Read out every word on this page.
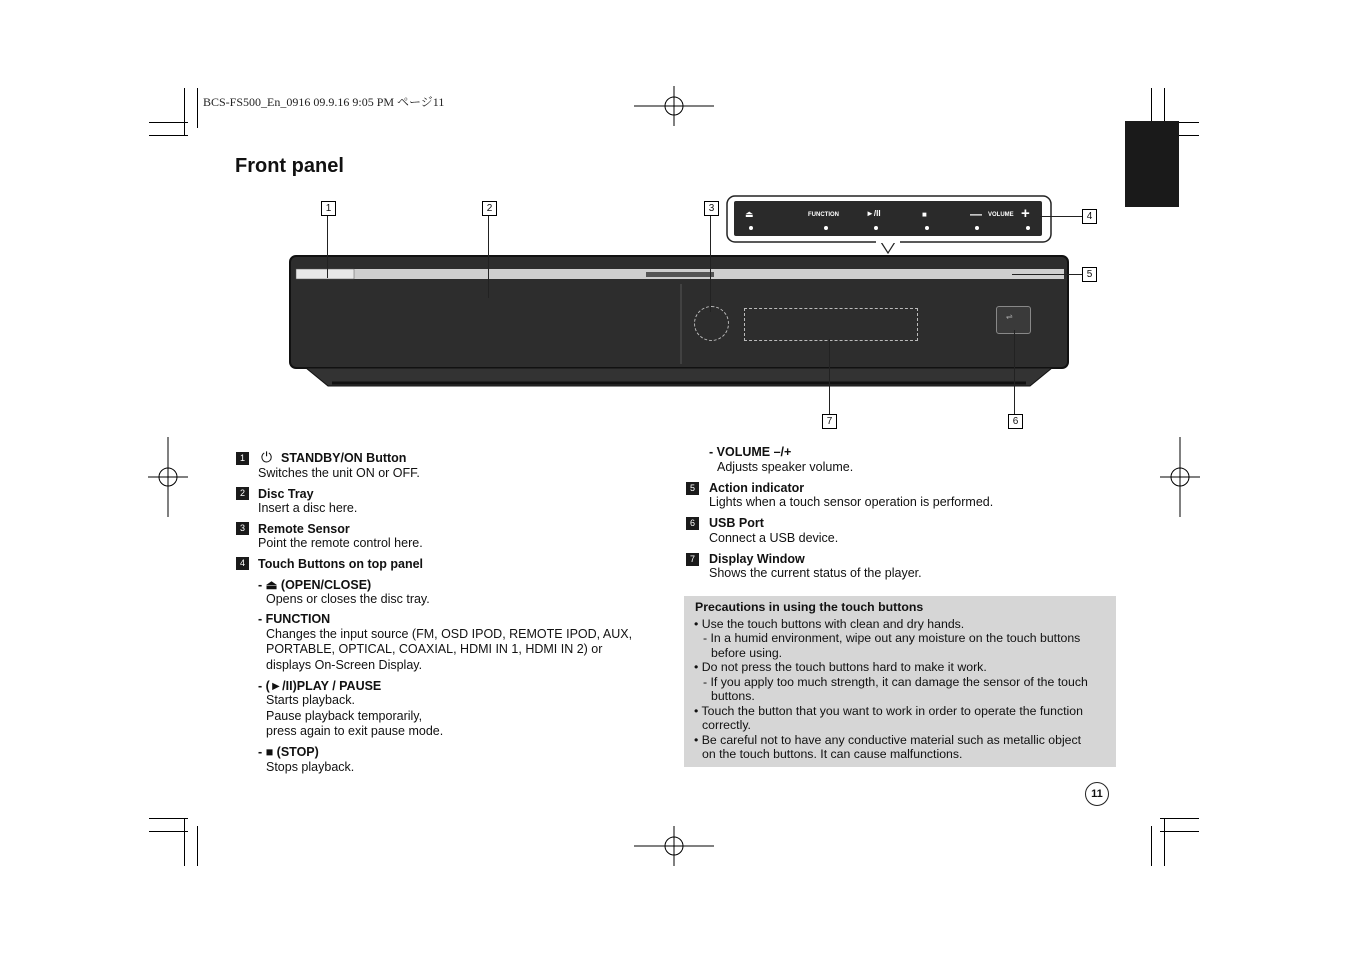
BCS-FS500_En_0916 09.9.16 9:05 PM ページ11
Front panel
⏏	FUNCTION	►/II	■	— VOLUME +
⇌
1	2	3
4
5
6
7
1 ⏻ STANDBY/ON Button
Switches the unit ON or OFF.
2	Disc Tray
Insert a disc here.
3	Remote Sensor
Point the remote control here.
4	Touch Buttons on top panel
- ⏏ (OPEN/CLOSE)
Opens or closes the disc tray.
- FUNCTION
Changes the input source (FM, OSD IPOD, REMOTE IPOD, AUX,
PORTABLE, OPTICAL, COAXIAL, HDMI IN 1, HDMI IN 2) or
displays On-Screen Display.
- (►/II)PLAY / PAUSE
Starts playback.
Pause playback temporarily,
press again to exit pause mode.
- ■ (STOP)
Stops playback.
- VOLUME –/+
Adjusts speaker volume.
5	Action indicator
Lights when a touch sensor operation is performed.
6	USB Port
Connect a USB device.
7	Display Window
Shows the current status of the player.
Precautions in using the touch buttons
• Use the touch buttons with clean and dry hands.
- In a humid environment, wipe out any moisture on the touch buttons
before using.
• Do not press the touch buttons hard to make it work.
- If you apply too much strength, it can damage the sensor of the touch
buttons.
• Touch the button that you want to work in order to operate the function
correctly.
• Be careful not to have any conductive material such as metallic object
on the touch buttons. It can cause malfunctions.
11
